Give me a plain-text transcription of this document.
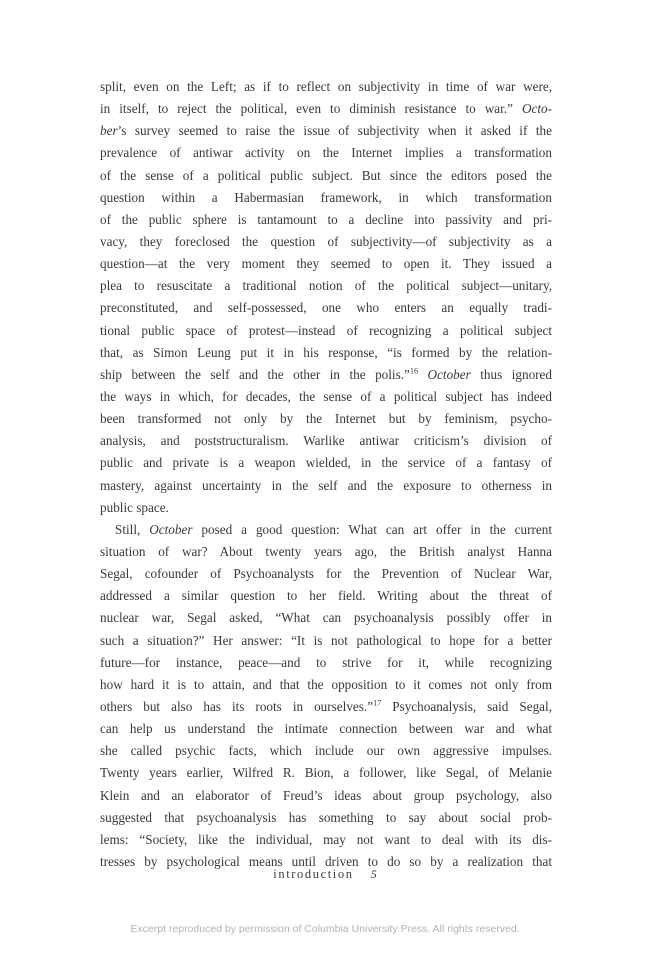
split, even on the Left; as if to reflect on subjectivity in time of war were,
in itself, to reject the political, even to diminish resistance to war.” Octo-
ber’s survey seemed to raise the issue of subjectivity when it asked if the
prevalence of antiwar activity on the Internet implies a transformation
of the sense of a political public subject. But since the editors posed the
question within a Habermasian framework, in which transformation
of the public sphere is tantamount to a decline into passivity and pri-
vacy, they foreclosed the question of subjectivity—of subjectivity as a
question—at the very moment they seemed to open it. They issued a
plea to resuscitate a traditional notion of the political subject—unitary,
preconstituted, and self-possessed, one who enters an equally tradi-
tional public space of protest—instead of recognizing a political subject
that, as Simon Leung put it in his response, “is formed by the relation-
ship between the self and the other in the polis.”$^{16}$ October thus ignored
the ways in which, for decades, the sense of a political subject has indeed
been transformed not only by the Internet but by feminism, psycho-
analysis, and poststructuralism. Warlike antiwar criticism’s division of
public and private is a weapon wielded, in the service of a fantasy of
mastery, against uncertainty in the self and the exposure to otherness in
public space.
Still, October posed a good question: What can art offer in the current
situation of war? About twenty years ago, the British analyst Hanna
Segal, cofounder of Psychoanalysts for the Prevention of Nuclear War,
addressed a similar question to her field. Writing about the threat of
nuclear war, Segal asked, “What can psychoanalysis possibly offer in
such a situation?” Her answer: “It is not pathological to hope for a better
future—for instance, peace—and to strive for it, while recognizing
how hard it is to attain, and that the opposition to it comes not only from
others but also has its roots in ourselves.”$^{17}$ Psychoanalysis, said Segal,
can help us understand the intimate connection between war and what
she called psychic facts, which include our own aggressive impulses.
Twenty years earlier, Wilfred R. Bion, a follower, like Segal, of Melanie
Klein and an elaborator of Freud’s ideas about group psychology, also
suggested that psychoanalysis has something to say about social prob-
lems: “Society, like the individual, may not want to deal with its dis-
tresses by psychological means until driven to do so by a realization that
introduction 5
Excerpt reproduced by permission of Columbia University Press. All rights reserved.
